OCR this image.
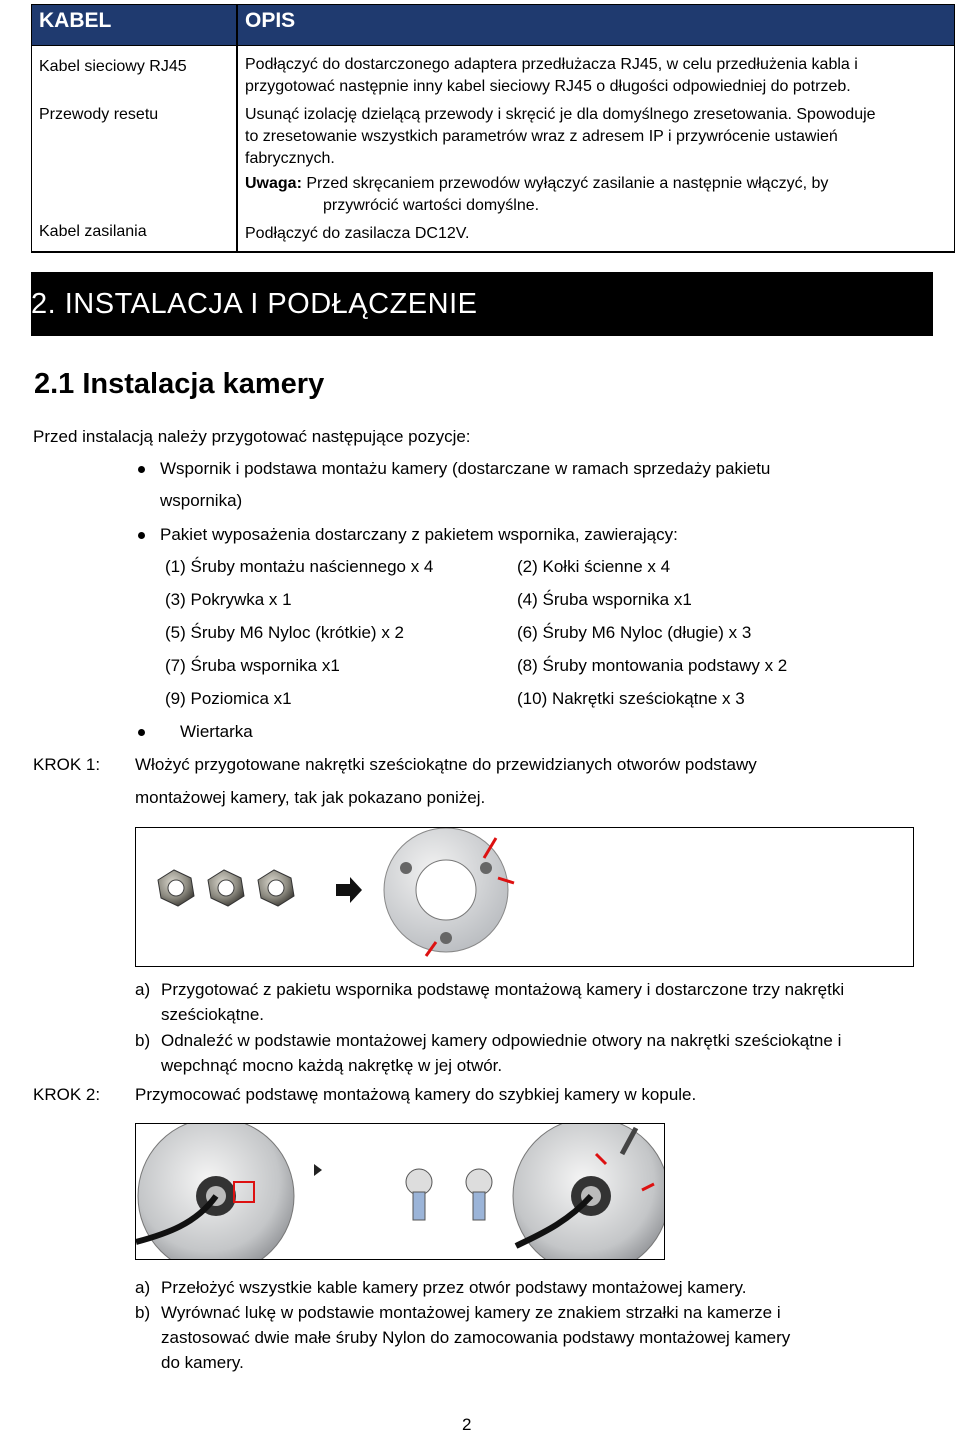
KABEL	OPIS
Kabel sieciowy RJ45	Podłączyć do dostarczonego adaptera przedłużacza RJ45, w celu przedłużenia kabla i
przygotować następnie inny kabel sieciowy RJ45 o długości odpowiedniej do potrzeb.

Przewody resetu	Usunąć izolację dzielącą przewody i skręcić je dla domyślnego zresetowania. Spowoduje
to zresetowanie wszystkich parametrów wraz z adresem IP i przywrócenie ustawień
fabrycznych.
Uwaga: Przed skręcaniem przewodów wyłączyć zasilanie a następnie włączyć, by
przywrócić wartości domyślne.

Kabel zasilania	Podłączyć do zasilacza DC12V.
2. INSTALACJA I PODŁĄCZENIE
2.1 Instalacja kamery
Przed instalacją należy przygotować następujące pozycje:
Wspornik i podstawa montażu kamery (dostarczane w ramach sprzedaży pakietu
wspornika)
Pakiet wyposażenia dostarczany z pakietem wspornika, zawierający:
(1) Śruby montażu naściennego x 4	(2) Kołki ścienne x 4
(3) Pokrywka x 1	(4) Śruba wspornika x1
(5) Śruby M6 Nyloc (krótkie) x 2	(6) Śruby M6 Nyloc (długie) x 3
(7) Śruba wspornika x1	(8) Śruby montowania podstawy x 2
(9) Poziomica x1	(10) Nakrętki sześciokątne x 3
Wiertarka
KROK 1: Włożyć przygotowane nakrętki sześciokątne do przewidzianych otworów podstawy
montażowej kamery, tak jak pokazano poniżej.
a) Przygotować z pakietu wspornika podstawę montażową kamery i dostarczone trzy nakrętki
sześciokątne.
b) Odnaleźć w podstawie montażowej kamery odpowiednie otwory na nakrętki sześciokątne i
wepchnąć mocno każdą nakrętkę w jej otwór.
KROK 2: Przymocować podstawę montażową kamery do szybkiej kamery w kopule.
a) Przełożyć wszystkie kable kamery przez otwór podstawy montażowej kamery.
b) Wyrównać lukę w podstawie montażowej kamery ze znakiem strzałki na kamerze i
zastosować dwie małe śruby Nylon do zamocowania podstawy montażowej kamery
do kamery.
2
